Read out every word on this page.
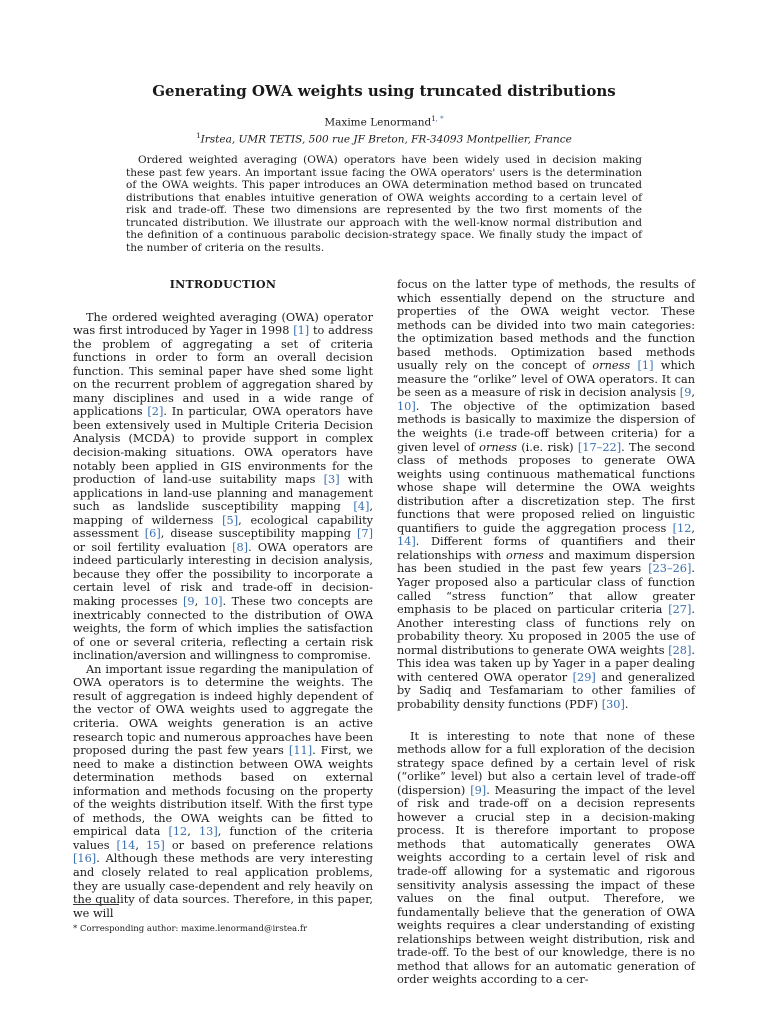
Generating OWA weights using truncated distributions
Maxime Lenormand$^{1, *}$
$^1$Irstea, UMR TETIS, 500 rue JF Breton, FR-34093 Montpellier, France

Ordered weighted averaging (OWA) operators have been widely used in decision making these past few years. An important issue facing the OWA operators' users is the determination of the OWA weights. This paper introduces an OWA determination method based on truncated distributions that enables intuitive generation of OWA weights according to a certain level of risk and trade-off. These two dimensions are represented by the two first moments of the truncated distribution. We illustrate our approach with the well-know normal distribution and the definition of a continuous parabolic decision-strategy space. We finally study the impact of the number of criteria on the results.

INTRODUCTION

The ordered weighted averaging (OWA) operator was first introduced by Yager in 1998 [1] to address the problem of aggregating a set of criteria functions in order to form an overall decision function. This seminal paper have shed some light on the recurrent problem of aggregation shared by many disciplines and used in a wide range of applications [2]. In particular, OWA operators have been extensively used in Multiple Criteria Decision Analysis (MCDA) to provide support in complex decision-making situations. OWA operators have notably been applied in GIS environments for the production of land-use suitability maps [3] with applications in land-use planning and management such as landslide susceptibility mapping [4], mapping of wilderness [5], ecological capability assessment [6], disease susceptibility mapping [7] or soil fertility evaluation [8]. OWA operators are indeed particularly interesting in decision analysis, because they offer the possibility to incorporate a certain level of risk and trade-off in decision-making processes [9, 10]. These two concepts are inextricably connected to the distribution of OWA weights, the form of which implies the satisfaction of one or several criteria, reflecting a certain risk inclination/aversion and willingness to compromise.

An important issue regarding the manipulation of OWA operators is to determine the weights. The result of aggregation is indeed highly dependent of the vector of OWA weights used to aggregate the criteria. OWA weights generation is an active research topic and numerous approaches have been proposed during the past few years [11]. First, we need to make a distinction between OWA weights determination methods based on external information and methods focusing on the property of the weights distribution itself. With the first type of methods, the OWA weights can be fitted to empirical data [12, 13], function of the criteria values [14, 15] or based on preference relations [16]. Although these methods are very interesting and closely related to real application problems, they are usually case-dependent and rely heavily on the quality of data sources. Therefore, in this paper, we will

focus on the latter type of methods, the results of which essentially depend on the structure and properties of the OWA weight vector. These methods can be divided into two main categories: the optimization based methods and the function based methods. Optimization based methods usually rely on the concept of orness [1] which measure the “orlike” level of OWA operators. It can be seen as a measure of risk in decision analysis [9, 10]. The objective of the optimization based methods is basically to maximize the dispersion of the weights (i.e trade-off between criteria) for a given level of orness (i.e. risk) [17–22]. The second class of methods proposes to generate OWA weights using continuous mathematical functions whose shape will determine the OWA weights distribution after a discretization step. The first functions that were proposed relied on linguistic quantifiers to guide the aggregation process [12, 14]. Different forms of quantifiers and their relationships with orness and maximum dispersion has been studied in the past few years [23–26]. Yager proposed also a particular class of function called “stress function” that allow greater emphasis to be placed on particular criteria [27]. Another interesting class of functions rely on probability theory. Xu proposed in 2005 the use of normal distributions to generate OWA weights [28]. This idea was taken up by Yager in a paper dealing with centered OWA operator [29] and generalized by Sadiq and Tesfamariam to other families of probability density functions (PDF) [30].

It is interesting to note that none of these methods allow for a full exploration of the decision strategy space defined by a certain level of risk (“orlike” level) but also a certain level of trade-off (dispersion) [9]. Measuring the impact of the level of risk and trade-off on a decision represents however a crucial step in a decision-making process. It is therefore important to propose methods that automatically generates OWA weights according to a certain level of risk and trade-off allowing for a systematic and rigorous sensitivity analysis assessing the impact of these values on the final output. Therefore, we fundamentally believe that the generation of OWA weights requires a clear understanding of existing relationships between weight distribution, risk and trade-off. To the best of our knowledge, there is no method that allows for an automatic generation of order weights according to a cer-

* Corresponding author: maxime.lenormand@irstea.fr
